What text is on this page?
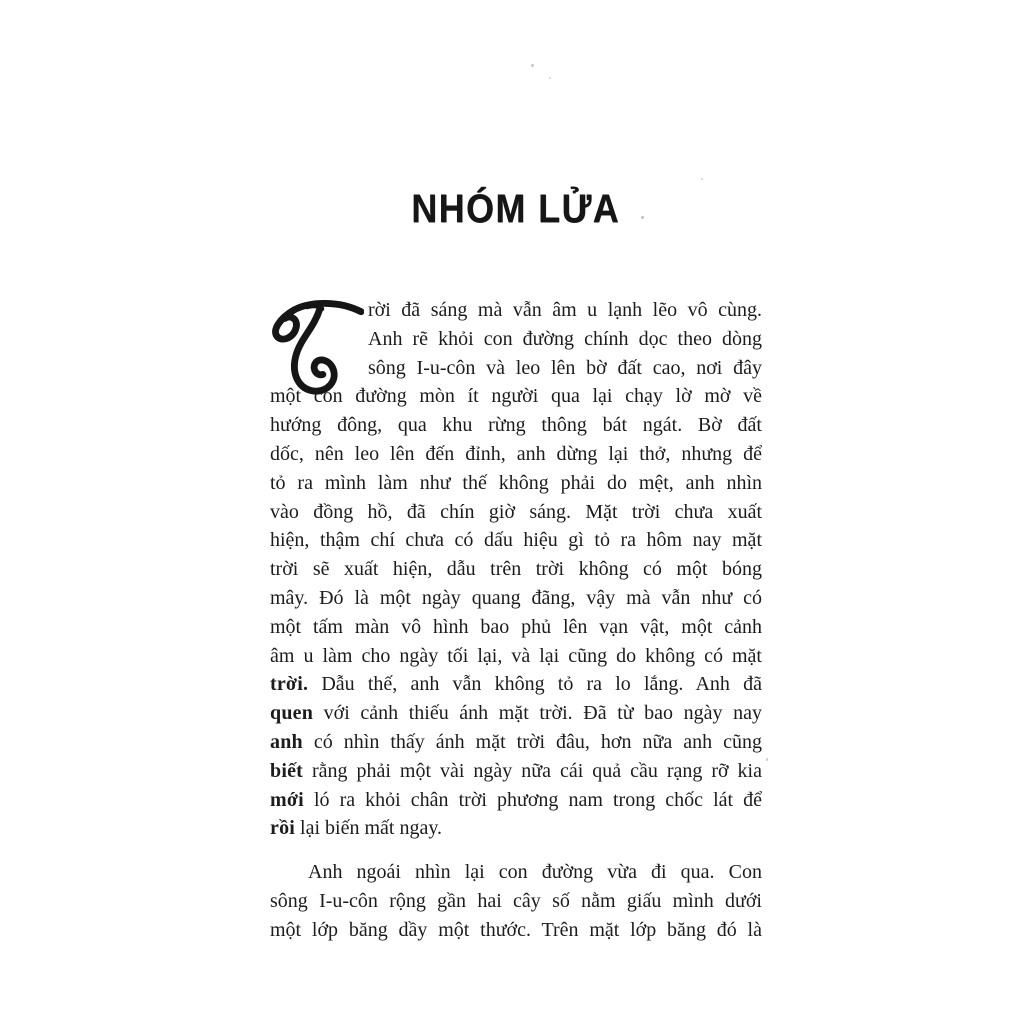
NHÓM LỬA
rời đã sáng mà vẫn âm u lạnh lẽo vô cùng.
Anh rẽ khỏi con đường chính dọc theo dòng
sông I-u-côn và leo lên bờ đất cao, nơi đây
một con đường mòn ít người qua lại chạy lờ mờ về
hướng đông, qua khu rừng thông bát ngát. Bờ đất
dốc, nên leo lên đến đỉnh, anh dừng lại thở, nhưng để
tỏ ra mình làm như thế không phải do mệt, anh nhìn
vào đồng hồ, đã chín giờ sáng. Mặt trời chưa xuất
hiện, thậm chí chưa có dấu hiệu gì tỏ ra hôm nay mặt
trời sẽ xuất hiện, dẫu trên trời không có một bóng
mây. Đó là một ngày quang đãng, vậy mà vẫn như có
một tấm màn vô hình bao phủ lên vạn vật, một cảnh
âm u làm cho ngày tối lại, và lại cũng do không có mặt
trời. Dẫu thế, anh vẫn không tỏ ra lo lắng. Anh đã
quen với cảnh thiếu ánh mặt trời. Đã từ bao ngày nay
anh có nhìn thấy ánh mặt trời đâu, hơn nữa anh cũng
biết rằng phải một vài ngày nữa cái quả cầu rạng rỡ kia
mới ló ra khỏi chân trời phương nam trong chốc lát để
rồi lại biến mất ngay.
Anh ngoái nhìn lại con đường vừa đi qua. Con
sông I-u-côn rộng gần hai cây số nằm giấu mình dưới
một lớp băng dầy một thước. Trên mặt lớp băng đó là
